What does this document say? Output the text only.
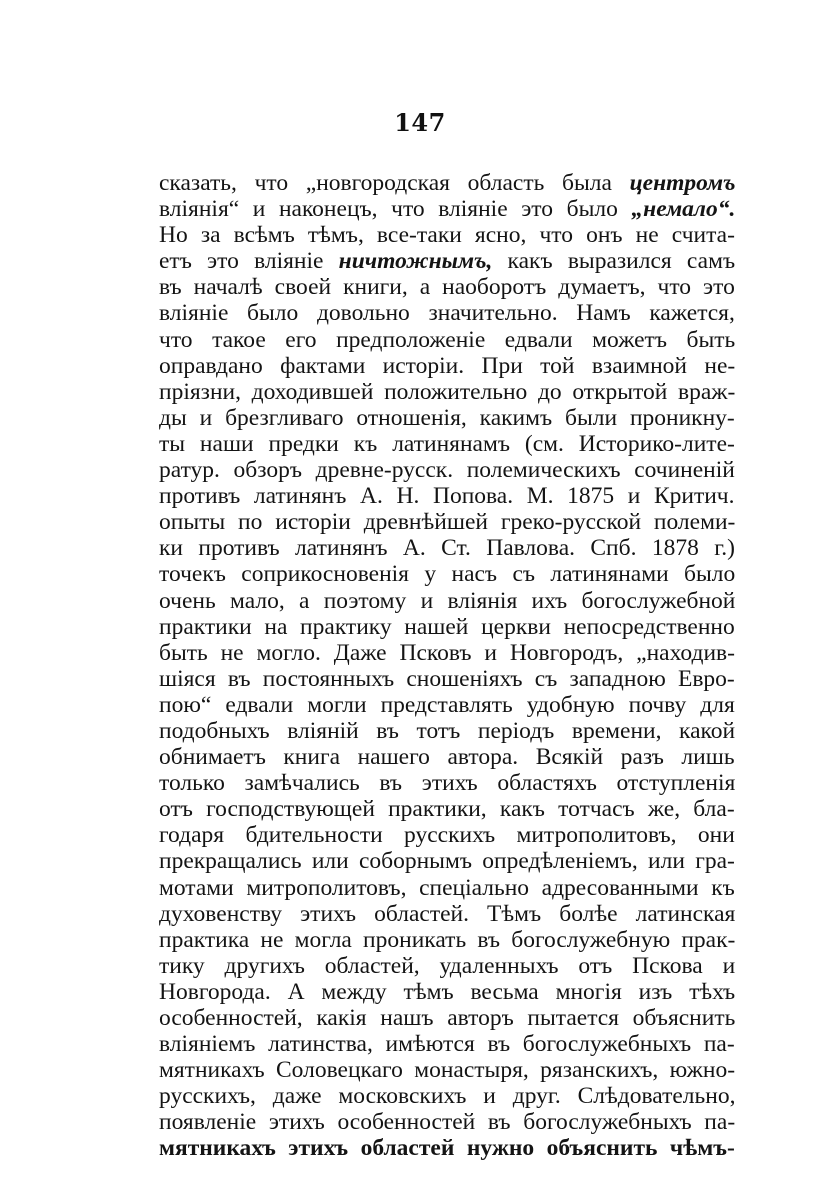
147
сказать, что „новгородская область была центромъ
вліянія“ и наконецъ, что вліяніе это было „немало“.
Но за всѣмъ тѣмъ, все-таки ясно, что онъ не счита-
етъ это вліяніе ничтожнымъ, какъ выразился самъ
въ началѣ своей книги, а наоборотъ думаетъ, что это
вліяніе было довольно значительно. Намъ кажется,
что такое его предположеніе едвали можетъ быть
оправдано фактами исторіи. При той взаимной не-
пріязни, доходившей положительно до открытой враж-
ды и брезгливаго отношенія, какимъ были проникну-
ты наши предки къ латинянамъ (см. Историко-лите-
ратур. обзоръ древне-русск. полемическихъ сочиненій
противъ латинянъ А. Н. Попова. М. 1875 и Критич.
опыты по исторіи древнѣйшей греко-русской полеми-
ки противъ латинянъ А. Ст. Павлова. Спб. 1878 г.)
точекъ соприкосновенія у насъ съ латинянами было
очень мало, а поэтому и вліянія ихъ богослужебной
практики на практику нашей церкви непосредственно
быть не могло. Даже Псковъ и Новгородъ, „находив-
шіяся въ постоянныхъ сношеніяхъ съ западною Евро-
пою“ едвали могли представлять удобную почву для
подобныхъ вліяній въ тотъ періодъ времени, какой
обнимаетъ книга нашего автора. Всякій разъ лишь
только замѣчались въ этихъ областяхъ отступленія
отъ господствующей практики, какъ тотчасъ же, бла-
годаря бдительности русскихъ митрополитовъ, они
прекращались или соборнымъ опредѣленіемъ, или гра-
мотами митрополитовъ, спеціально адресованными къ
духовенству этихъ областей. Тѣмъ болѣе латинская
практика не могла проникать въ богослужебную прак-
тику другихъ областей, удаленныхъ отъ Пскова и
Новгорода. А между тѣмъ весьма многія изъ тѣхъ
особенностей, какія нашъ авторъ пытается объяснить
вліяніемъ латинства, имѣются въ богослужебныхъ па-
мятникахъ Соловецкаго монастыря, рязанскихъ, южно-
русскихъ, даже московскихъ и друг. Слѣдовательно,
появленіе этихъ особенностей въ богослужебныхъ па-
мятникахъ этихъ областей нужно объяснить чѣмъ-
